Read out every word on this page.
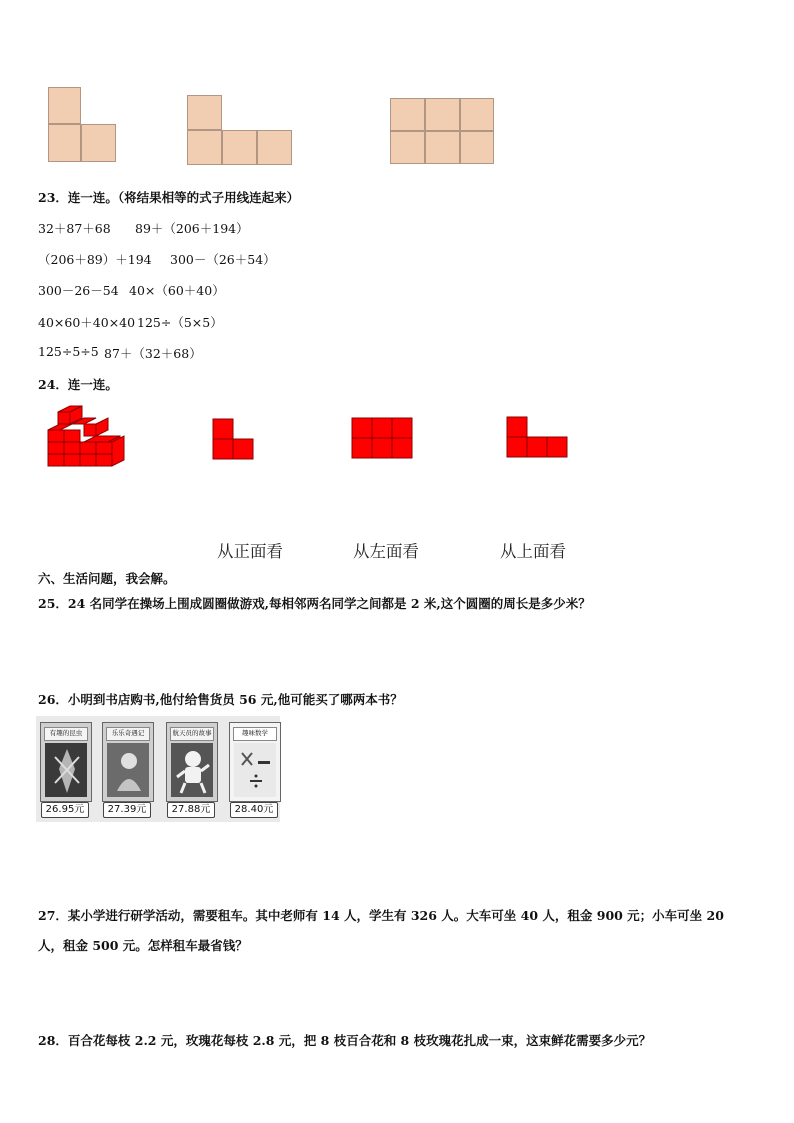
23．连一连。（将结果相等的式子用线连起来）
32＋87＋68 89＋（206＋194）
（206＋89）＋194 300－（26＋54）
300－26－54 40×（60＋40）
40×60＋40×40 125÷（5×5）
125÷5÷5 87＋（32＋68）
24．连一连。
从正面看	从左面看	从上面看
六、生活问题，我会解。
25．24 名同学在操场上围成圆圈做游戏,每相邻两名同学之间都是 2 米,这个圆圈的周长是多少米？
26．小明到书店购书,他付给售货员 56 元,他可能买了哪两本书？
有趣的昆虫
26.95元
乐乐奇遇记
27.39元
航天员的故事
27.88元
趣味数学
28.40元
27．某小学进行研学活动，需要租车。其中老师有 14 人，学生有 326 人。大车可坐 40 人，租金 900 元；小车可坐 20
人，租金 500 元。怎样租车最省钱？
28．百合花每枝 2.2 元，玫瑰花每枝 2.8 元，把 8 枝百合花和 8 枝玫瑰花扎成一束，这束鲜花需要多少元？
